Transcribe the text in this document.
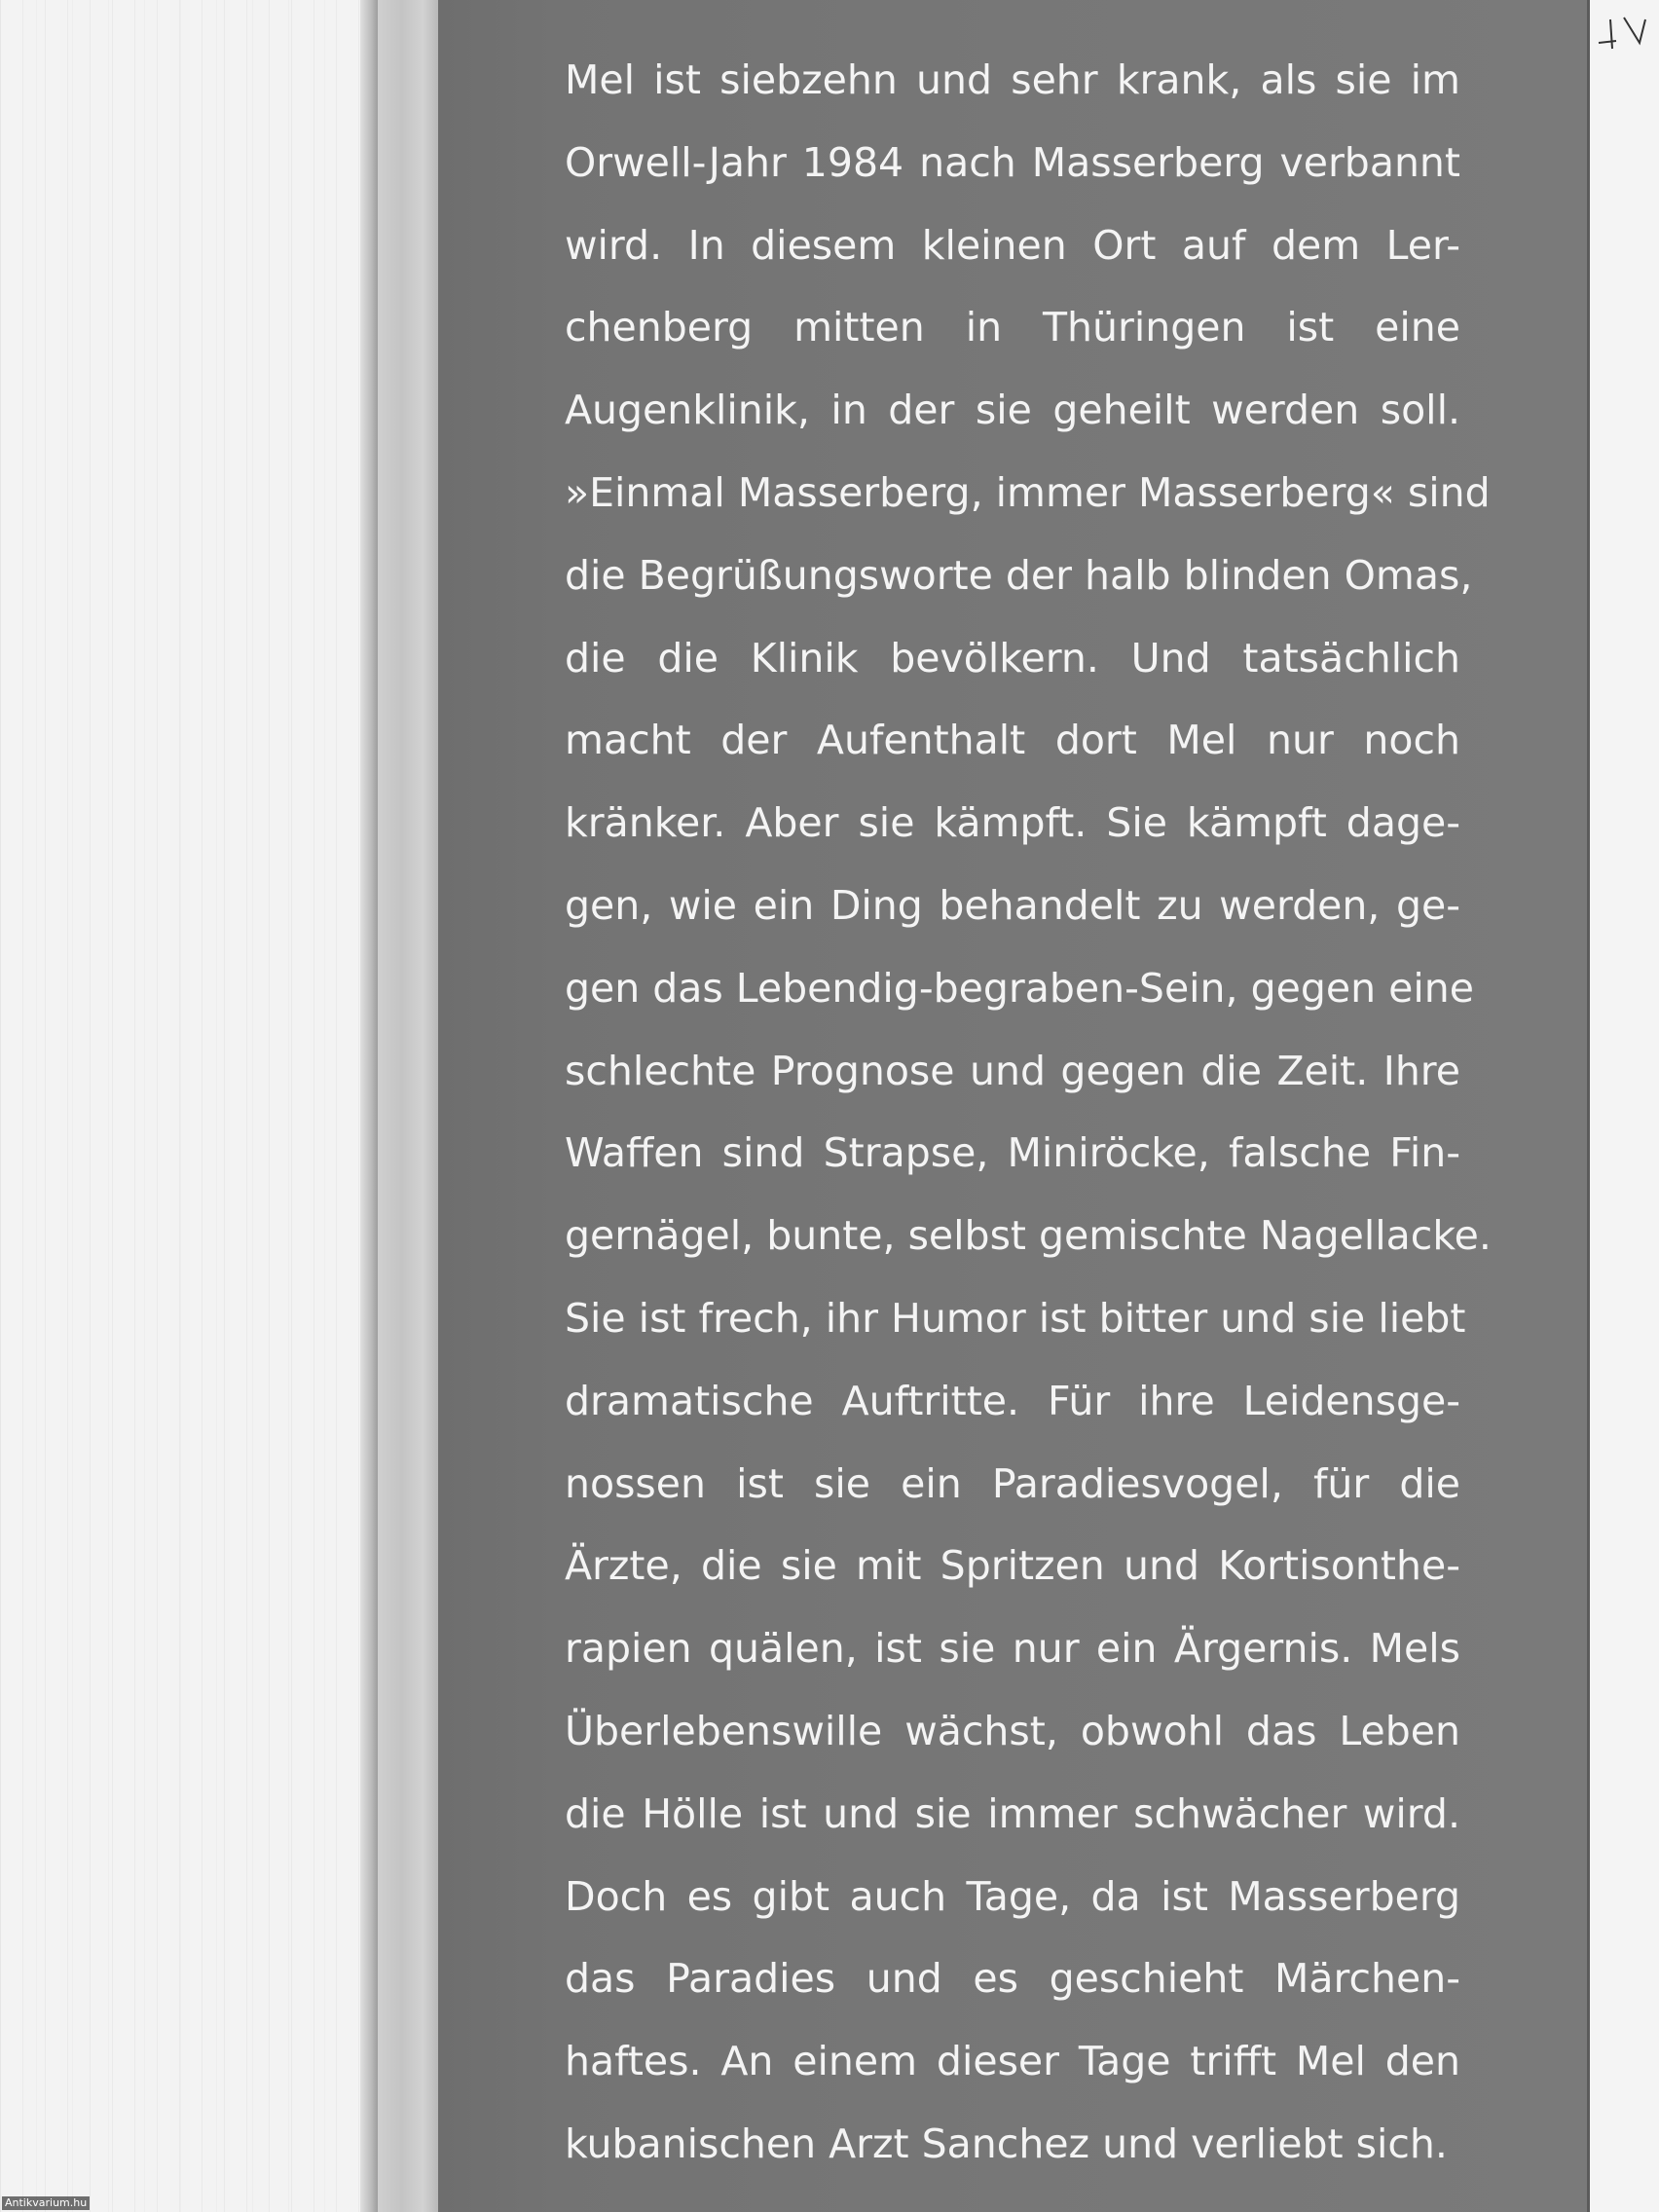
Mel ist siebzehn und sehr krank, als sie im
Orwell-Jahr 1984 nach Masserberg verbannt
wird. In diesem kleinen Ort auf dem Ler-
chenberg mitten in Thüringen ist eine
Augenklinik, in der sie geheilt werden soll.
»Einmal Masserberg, immer Masserberg« sind
die Begrüßungsworte der halb blinden Omas,
die die Klinik bevölkern. Und tatsächlich
macht der Aufenthalt dort Mel nur noch
kränker. Aber sie kämpft. Sie kämpft dage-
gen, wie ein Ding behandelt zu werden, ge-
gen das Lebendig-begraben-Sein, gegen eine
schlechte Prognose und gegen die Zeit. Ihre
Waffen sind Strapse, Miniröcke, falsche Fin-
gernägel, bunte, selbst gemischte Nagellacke.
Sie ist frech, ihr Humor ist bitter und sie liebt
dramatische Auftritte. Für ihre Leidensge-
nossen ist sie ein Paradiesvogel, für die
Ärzte, die sie mit Spritzen und Kortisonthe-
rapien quälen, ist sie nur ein Ärgernis. Mels
Überlebenswille wächst, obwohl das Leben
die Hölle ist und sie immer schwächer wird.
Doch es gibt auch Tage, da ist Masserberg
das Paradies und es geschieht Märchen-
haftes. An einem dieser Tage trifft Mel den
kubanischen Arzt Sanchez und verliebt sich.

Antikvarium.hu
